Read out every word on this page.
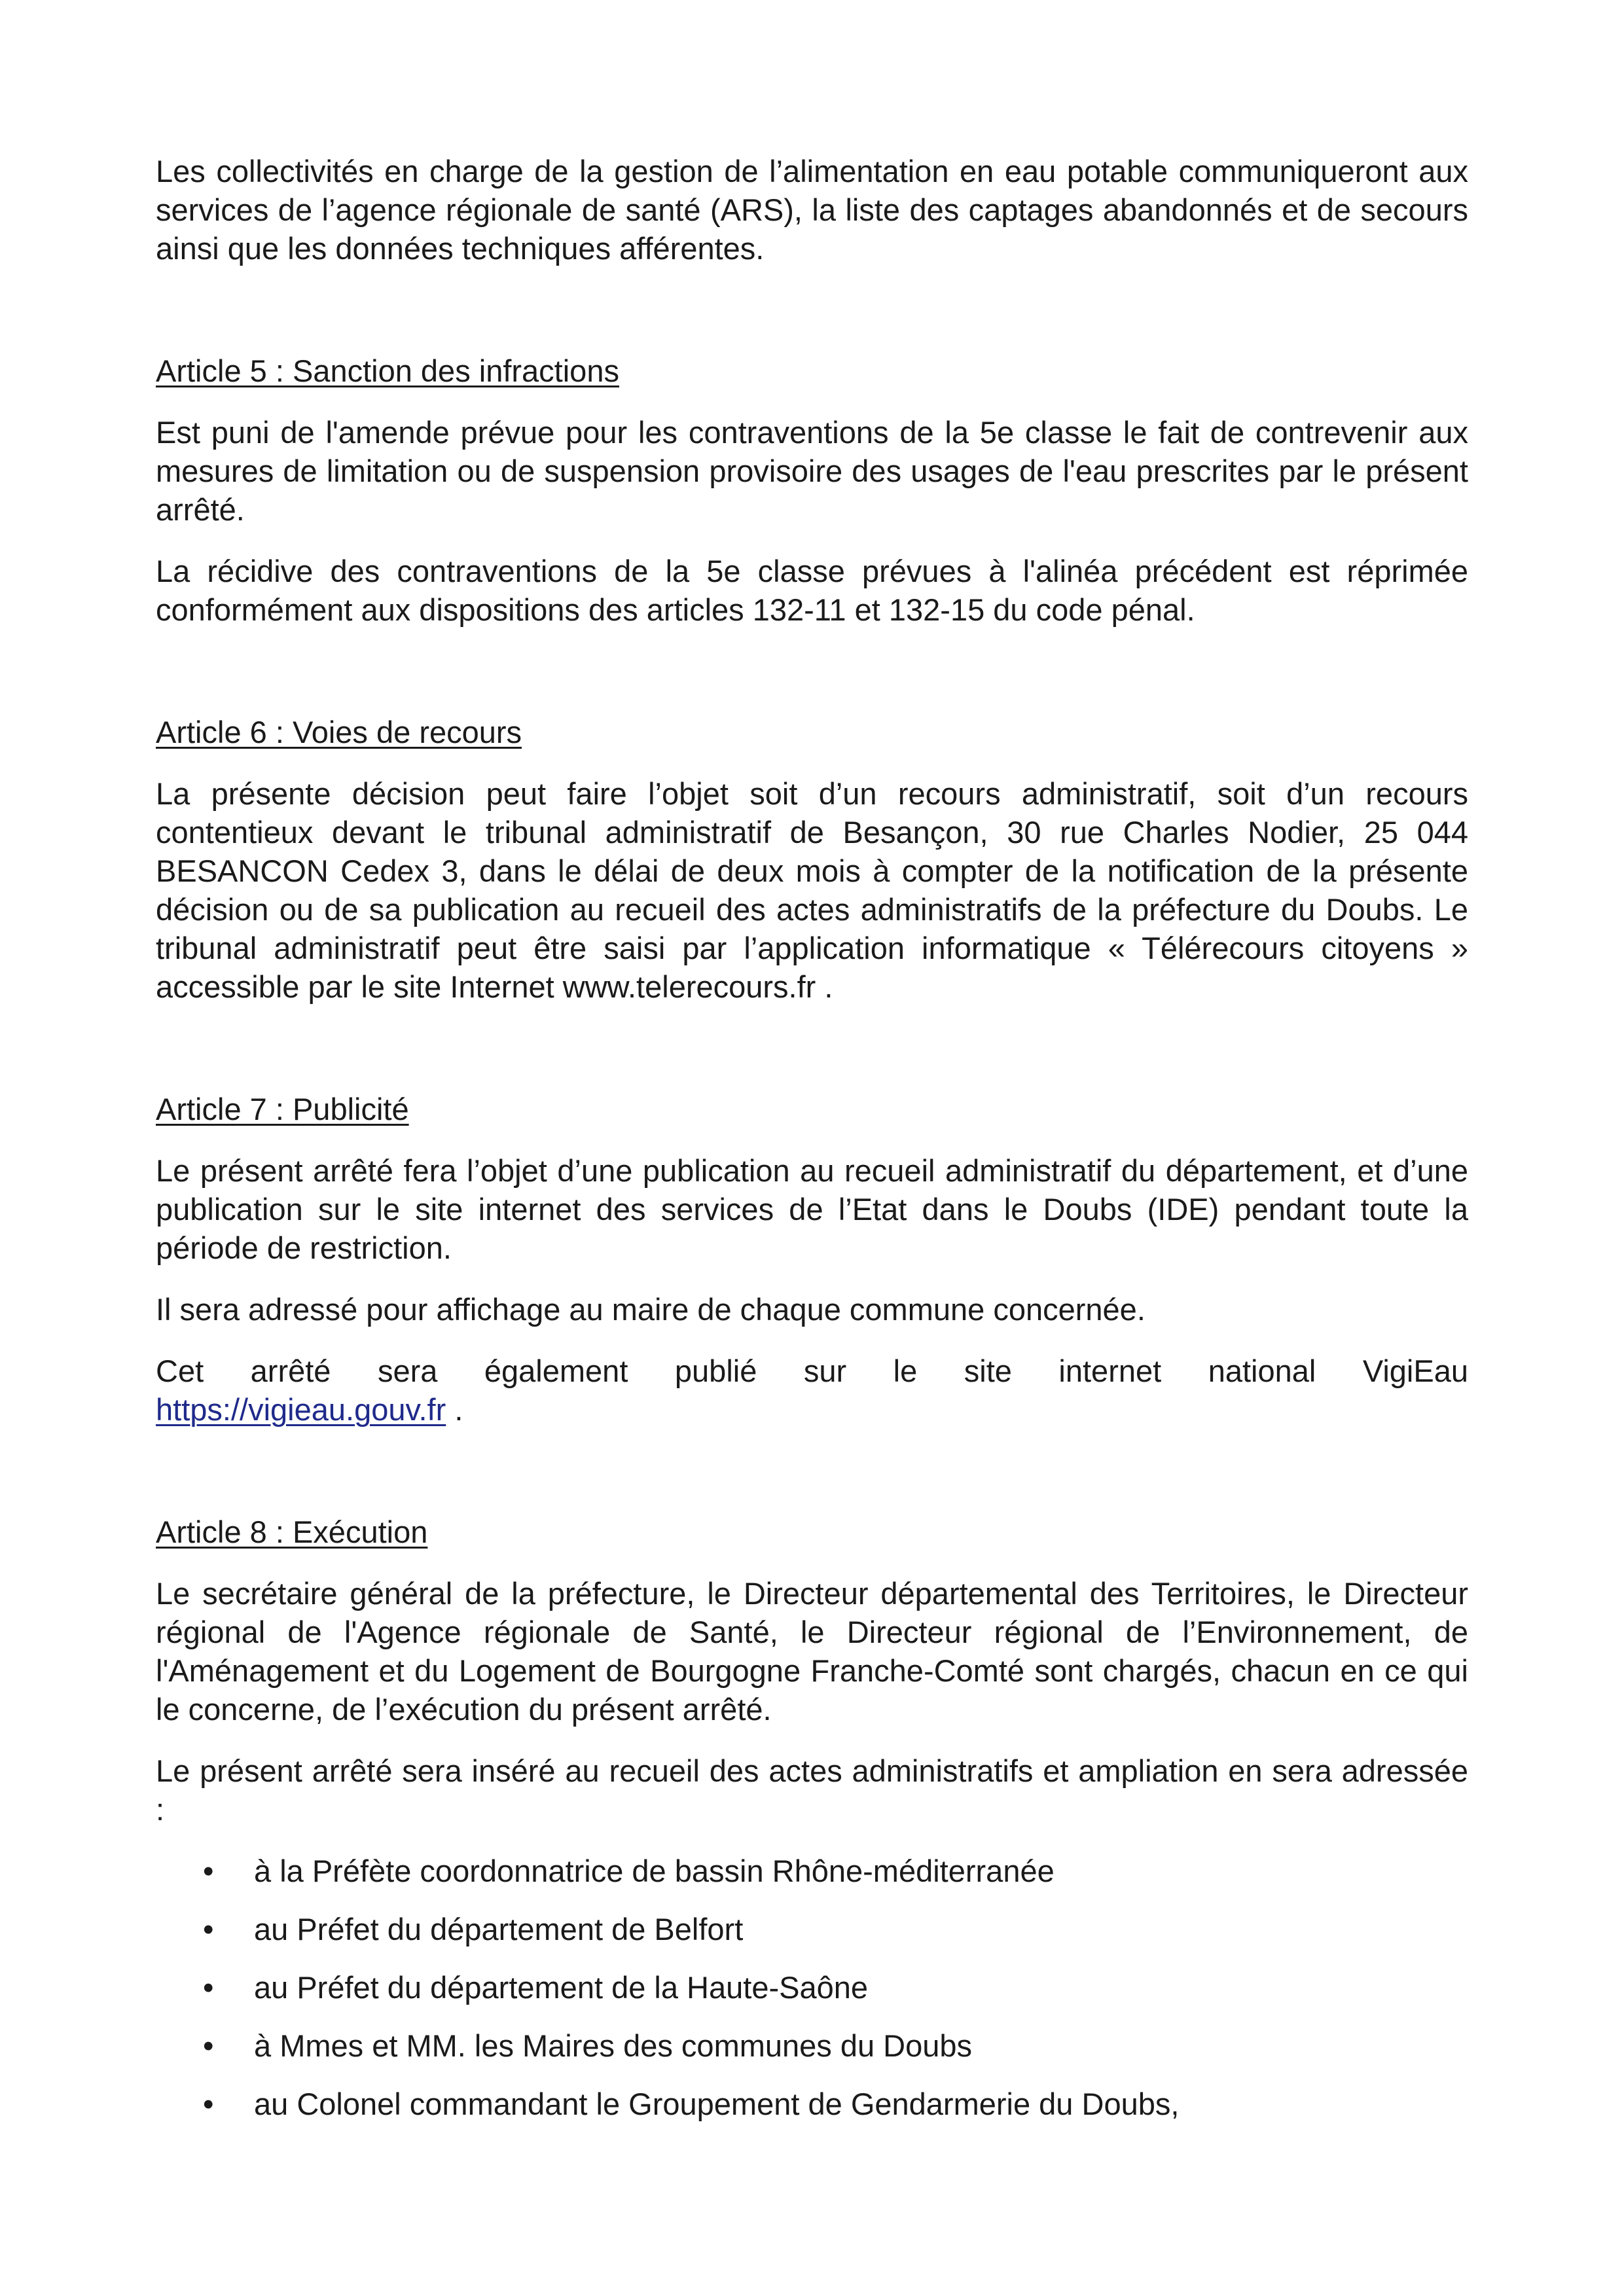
Les collectivités en charge de la gestion de l’alimentation en eau potable communiqueront aux services de l’agence régionale de santé (ARS), la liste des captages abandonnés et de secours ainsi que les données techniques afférentes.

Article 5 : Sanction des infractions

Est puni de l'amende prévue pour les contraventions de la 5e classe le fait de contrevenir aux mesures de limitation ou de suspension provisoire des usages de l'eau prescrites par le présent arrêté.

La récidive des contraventions de la 5e classe prévues à l'alinéa précédent est réprimée conformément aux dispositions des articles 132-11 et 132-15 du code pénal.

Article 6 : Voies de recours

La présente décision peut faire l’objet soit d’un recours administratif, soit d’un recours contentieux devant le tribunal administratif de Besançon, 30 rue Charles Nodier, 25 044 BESANCON Cedex 3, dans le délai de deux mois à compter de la notification de la présente décision ou de sa publication au recueil des actes administratifs de la préfecture du Doubs. Le tribunal administratif peut être saisi par l’application informatique « Télérecours citoyens » accessible par le site Internet www.telerecours.fr .

Article 7 : Publicité

Le présent arrêté fera l’objet d’une publication au recueil administratif du département, et d’une publication sur le site internet des services de l’Etat dans le Doubs (IDE) pendant toute la période de restriction.

Il sera adressé pour affichage au maire de chaque commune concernée.

Cet arrêté sera également publié sur le site internet national VigiEau

https://vigieau.gouv.fr .

Article 8 : Exécution

Le secrétaire général de la préfecture, le Directeur départemental des Territoires, le Directeur régional de l'Agence régionale de Santé, le Directeur régional de l’Environnement, de l'Aménagement et du Logement de Bourgogne Franche-Comté sont chargés, chacun en ce qui le concerne, de l’exécution du présent arrêté.

Le présent arrêté sera inséré au recueil des actes administratifs et ampliation en sera adressée :

• à la Préfète coordonnatrice de bassin Rhône-méditerranée
• au Préfet du département de Belfort
• au Préfet du département de la Haute-Saône
• à Mmes et MM. les Maires des communes du Doubs
• au Colonel commandant le Groupement de Gendarmerie du Doubs,
